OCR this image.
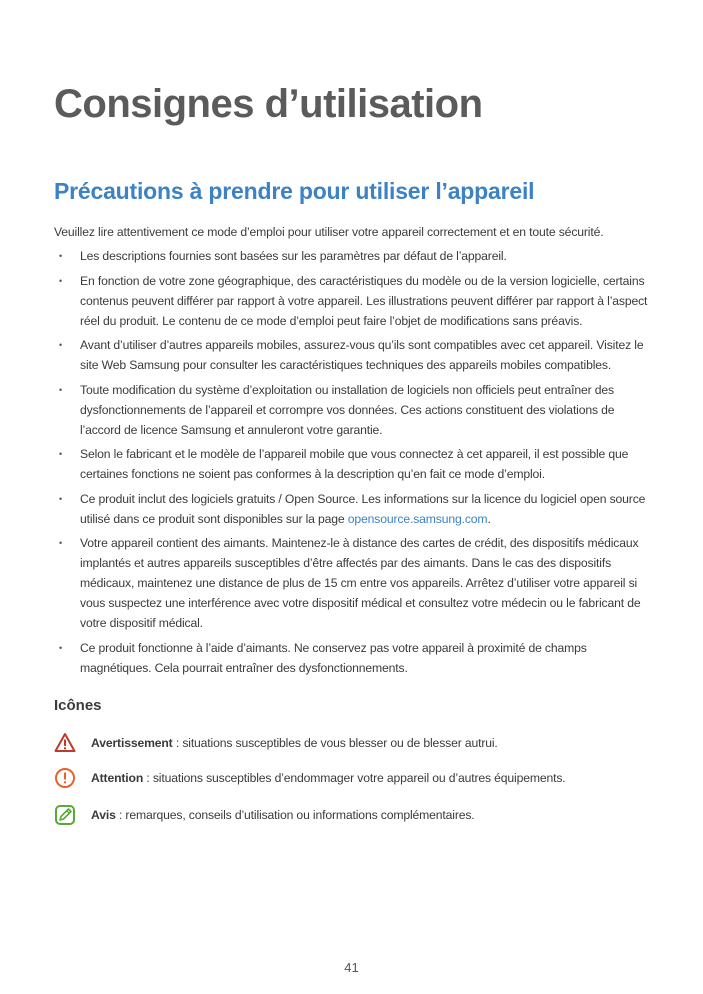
Consignes d’utilisation
Précautions à prendre pour utiliser l’appareil
Veuillez lire attentivement ce mode d’emploi pour utiliser votre appareil correctement et en toute sécurité.
• Les descriptions fournies sont basées sur les paramètres par défaut de l’appareil.
• En fonction de votre zone géographique, des caractéristiques du modèle ou de la version logicielle, certains contenus peuvent différer par rapport à votre appareil. Les illustrations peuvent différer par rapport à l’aspect réel du produit. Le contenu de ce mode d’emploi peut faire l’objet de modifications sans préavis.
• Avant d’utiliser d’autres appareils mobiles, assurez-vous qu’ils sont compatibles avec cet appareil. Visitez le site Web Samsung pour consulter les caractéristiques techniques des appareils mobiles compatibles.
• Toute modification du système d’exploitation ou installation de logiciels non officiels peut entraîner des dysfonctionnements de l’appareil et corrompre vos données. Ces actions constituent des violations de l’accord de licence Samsung et annuleront votre garantie.
• Selon le fabricant et le modèle de l’appareil mobile que vous connectez à cet appareil, il est possible que certaines fonctions ne soient pas conformes à la description qu’en fait ce mode d’emploi.
• Ce produit inclut des logiciels gratuits / Open Source. Les informations sur la licence du logiciel open source utilisé dans ce produit sont disponibles sur la page opensource.samsung.com.
• Votre appareil contient des aimants. Maintenez-le à distance des cartes de crédit, des dispositifs médicaux implantés et autres appareils susceptibles d’être affectés par des aimants. Dans le cas des dispositifs médicaux, maintenez une distance de plus de 15 cm entre vos appareils. Arrêtez d’utiliser votre appareil si vous suspectez une interférence avec votre dispositif médical et consultez votre médecin ou le fabricant de votre dispositif médical.
• Ce produit fonctionne à l’aide d’aimants. Ne conservez pas votre appareil à proximité de champs magnétiques. Cela pourrait entraîner des dysfonctionnements.
Icônes
Avertissement : situations susceptibles de vous blesser ou de blesser autrui.
Attention : situations susceptibles d’endommager votre appareil ou d’autres équipements.
Avis : remarques, conseils d’utilisation ou informations complémentaires.
41
